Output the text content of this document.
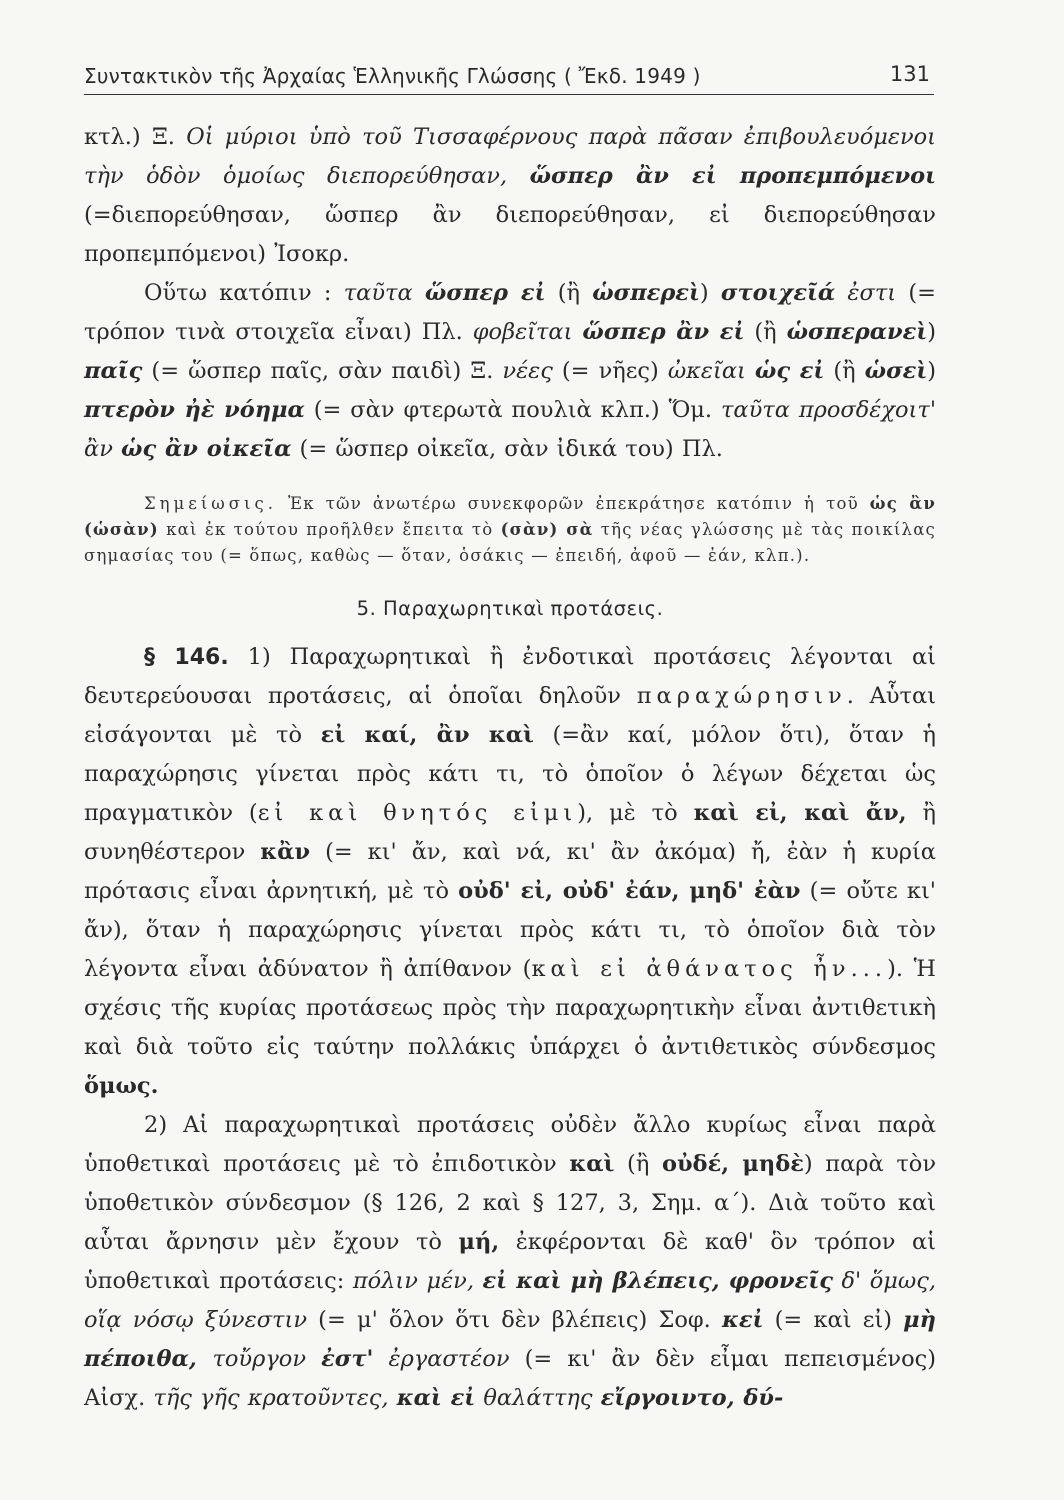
Συντακτικὸν τῆς Ἀρχαίας Ἑλληνικῆς Γλώσσης ( Ἔκδ. 1949 )	131

κτλ.) Ξ. Οἱ μύριοι ὑπὸ τοῦ Τισσαφέρνους παρὰ πᾶσαν ἐπιβουλευόμενοι τὴν ὁδὸν ὁμοίως διεπορεύθησαν, ὥσπερ ἂν εἰ προπεμπόμενοι (=διεπορεύθησαν, ὥσπερ ἂν διεπορεύθησαν, εἰ διεπορεύθησαν προπεμπόμενοι) Ἰσοκρ.

Οὕτω κατόπιν : ταῦτα ὥσπερ εἰ (ἢ ὡσπερεὶ) στοιχεῖά ἐστι (= τρόπον τινὰ στοιχεῖα εἶναι) Πλ. φοβεῖται ὥσπερ ἂν εἰ (ἢ ὡσπερανεὶ) παῖς (= ὥσπερ παῖς, σὰν παιδὶ) Ξ. νέες (= νῆες) ὠκεῖαι ὡς εἰ (ἢ ὡσεὶ) πτερὸν ἠὲ νόημα (= σὰν φτερωτὰ πουλιὰ κλπ.) Ὅμ. ταῦτα προσδέχοιτ' ἂν ὡς ἂν οἰκεῖα (= ὥσπερ οἰκεῖα, σὰν ἰδικά του) Πλ.

Σημείωσις. Ἐκ τῶν ἀνωτέρω συνεκφορῶν ἐπεκράτησε κατόπιν ἡ τοῦ ὡς ἂν (ὡσὰν) καὶ ἐκ τούτου προῆλθεν ἔπειτα τὸ (σὰν) σὰ τῆς νέας γλώσσης μὲ τὰς ποικίλας σημασίας του (= ὅπως, καθὼς — ὅταν, ὁσάκις — ἐπειδή, ἀφοῦ — ἐάν, κλπ.).

5. Παραχωρητικαὶ προτάσεις.

§ 146. 1) Παραχωρητικαὶ ἢ ἐνδοτικαὶ προτάσεις λέγονται αἱ δευτερεύουσαι προτάσεις, αἱ ὁποῖαι δηλοῦν παραχώρησιν. Αὗται εἰσάγονται μὲ τὸ εἰ καί, ἂν καὶ (=ἂν καί, μόλον ὅτι), ὅταν ἡ παραχώρησις γίνεται πρὸς κάτι τι, τὸ ὁποῖον ὁ λέγων δέχεται ὡς πραγματικὸν (εἰ καὶ θνητός εἰμι), μὲ τὸ καὶ εἰ, καὶ ἄν, ἢ συνηθέστερον κἂν (= κι' ἄν, καὶ νά, κι' ἂν ἀκόμα) ἤ, ἐὰν ἡ κυρία πρότασις εἶναι ἀρνητική, μὲ τὸ οὐδ' εἰ, οὐδ' ἐάν, μηδ' ἐὰν (= οὔτε κι' ἄν), ὅταν ἡ παραχώρησις γίνεται πρὸς κάτι τι, τὸ ὁποῖον διὰ τὸν λέγοντα εἶναι ἀδύνατον ἢ ἀπίθανον (καὶ εἰ ἀθάνατος ἦν...). Ἡ σχέσις τῆς κυρίας προτάσεως πρὸς τὴν παραχωρητικὴν εἶναι ἀντιθετικὴ καὶ διὰ τοῦτο εἰς ταύτην πολλάκις ὑπάρχει ὁ ἀντιθετικὸς σύνδεσμος ὅμως.

2) Αἱ παραχωρητικαὶ προτάσεις οὐδὲν ἄλλο κυρίως εἶναι παρὰ ὑποθετικαὶ προτάσεις μὲ τὸ ἐπιδοτικὸν καὶ (ἢ οὐδέ, μηδὲ) παρὰ τὸν ὑποθετικὸν σύνδεσμον (§ 126, 2 καὶ § 127, 3, Σημ. α΄). Διὰ τοῦτο καὶ αὗται ἄρνησιν μὲν ἔχουν τὸ μή, ἐκφέρονται δὲ καθ' ὃν τρόπον αἱ ὑποθετικαὶ προτάσεις: πόλιν μέν, εἰ καὶ μὴ βλέπεις, φρονεῖς δ' ὅμως, οἵᾳ νόσῳ ξύνεστιν (= μ' ὅλον ὅτι δὲν βλέπεις) Σοφ. κεἰ (= καὶ εἰ) μὴ πέποιθα, τοὔργον ἐστ' ἐργαστέον (= κι' ἂν δὲν εἶμαι πεπεισμένος) Αἰσχ. τῆς γῆς κρατοῦντες, καὶ εἰ θαλάττης εἴργοιντο, δύ-
